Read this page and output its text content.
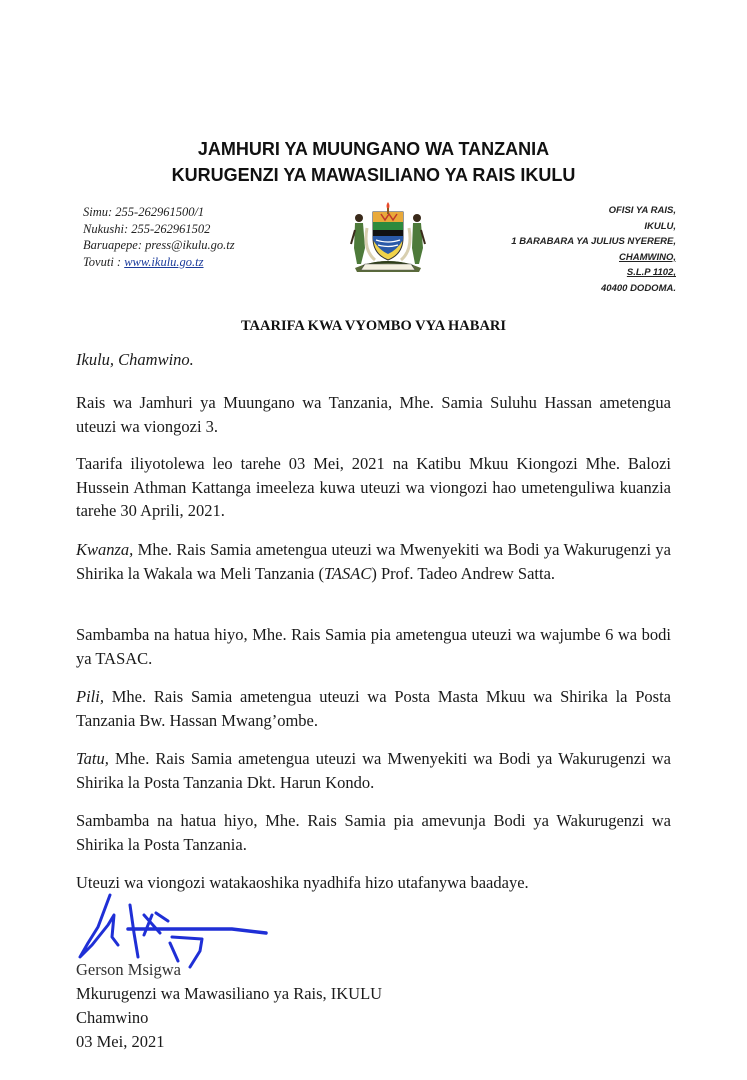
JAMHURI YA MUUNGANO WA TANZANIA
KURUGENZI YA MAWASILIANO YA RAIS IKULU
Simu: 255-262961500/1
Nukushi: 255-262961502
Baruapepe: press@ikulu.go.tz
Tovuti : www.ikulu.go.tz
OFISI YA RAIS,
IKULU,
1 BARABARA YA JULIUS NYERERE,
CHAMWINO,
S.L.P 1102,
40400 DODOMA.
TAARIFA KWA VYOMBO VYA HABARI

Ikulu, Chamwino.

Rais wa Jamhuri ya Muungano wa Tanzania, Mhe. Samia Suluhu Hassan ametengua uteuzi wa viongozi 3.

Taarifa iliyotolewa leo tarehe 03 Mei, 2021 na Katibu Mkuu Kiongozi Mhe. Balozi Hussein Athman Kattanga imeeleza kuwa uteuzi wa viongozi hao umetenguliwa kuanzia tarehe 30 Aprili, 2021.

Kwanza, Mhe. Rais Samia ametengua uteuzi wa Mwenyekiti wa Bodi ya Wakurugenzi ya Shirika la Wakala wa Meli Tanzania (TASAC) Prof. Tadeo Andrew Satta.

Sambamba na hatua hiyo, Mhe. Rais Samia pia ametengua uteuzi wa wajumbe 6 wa bodi ya TASAC.

Pili, Mhe. Rais Samia ametengua uteuzi wa Posta Masta Mkuu wa Shirika la Posta Tanzania Bw. Hassan Mwang’ombe.

Tatu, Mhe. Rais Samia ametengua uteuzi wa Mwenyekiti wa Bodi ya Wakurugenzi wa Shirika la Posta Tanzania Dkt. Harun Kondo.

Sambamba na hatua hiyo, Mhe. Rais Samia pia amevunja Bodi ya Wakurugenzi wa Shirika la Posta Tanzania.

Uteuzi wa viongozi watakaoshika nyadhifa hizo utafanywa baadaye.

Gerson Msigwa
Mkurugenzi wa Mawasiliano ya Rais, IKULU
Chamwino
03 Mei, 2021
